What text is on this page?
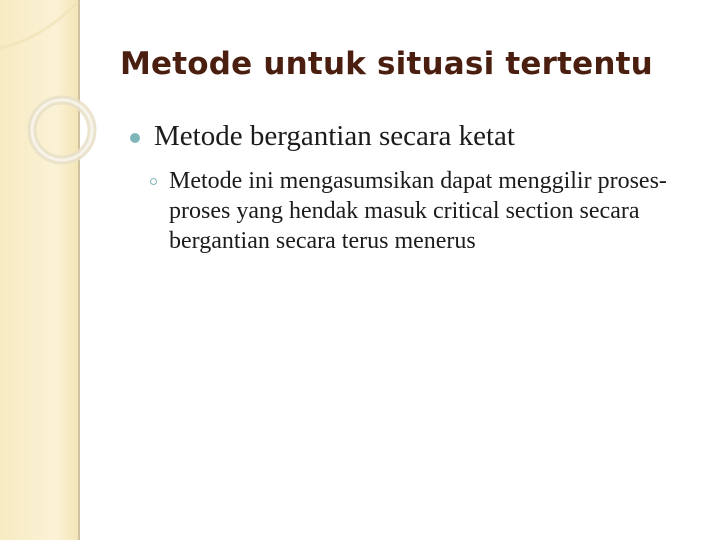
Metode untuk situasi tertentu
Metode bergantian secara ketat
Metode ini mengasumsikan dapat menggilir proses-proses yang hendak masuk critical section secara bergantian secara terus menerus
